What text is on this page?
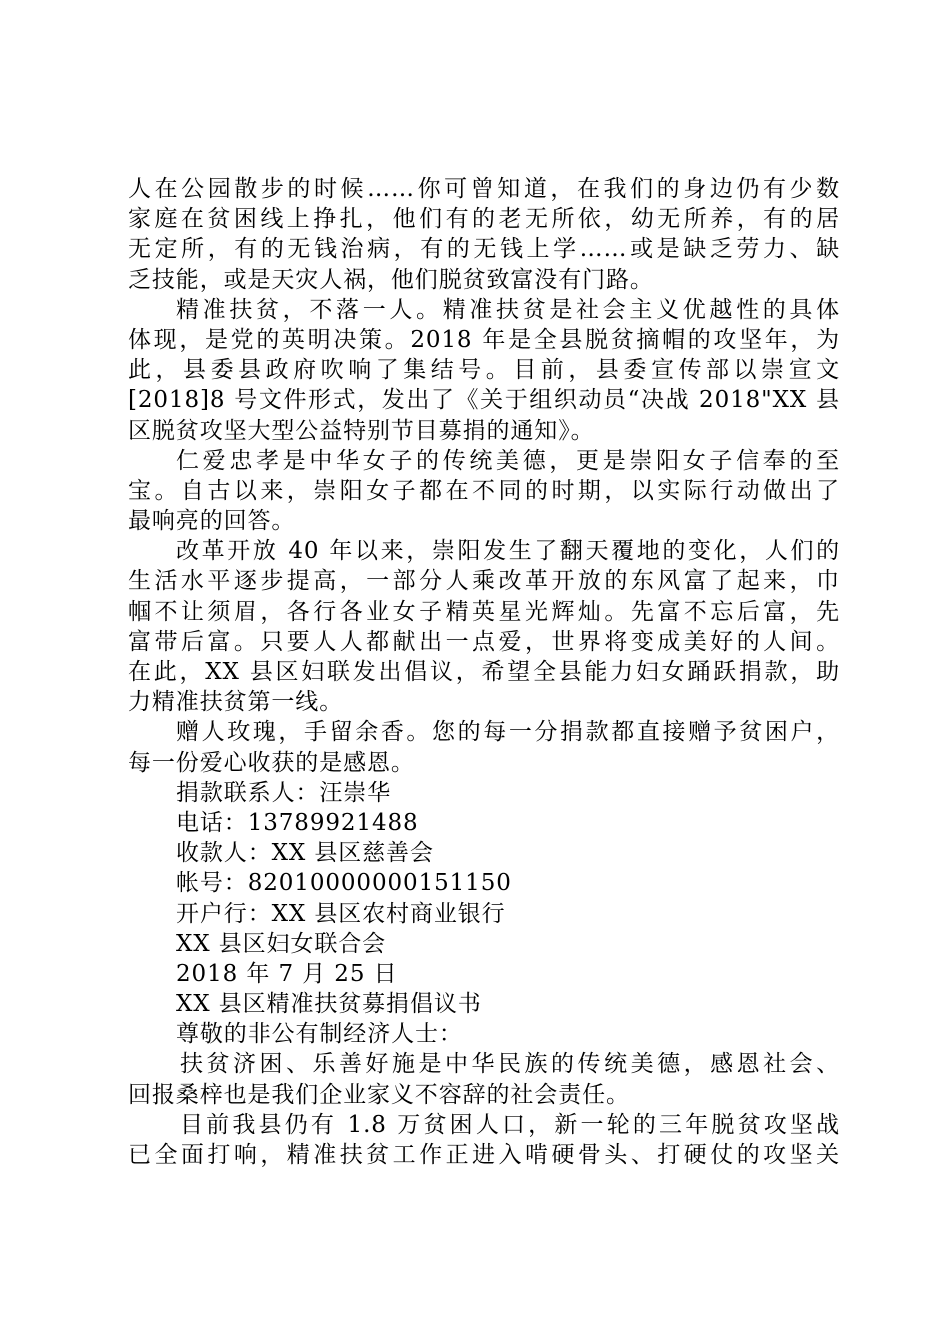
人在公园散步的时候……你可曾知道，在我们的身边仍有少数
家庭在贫困线上挣扎，他们有的老无所依，幼无所养，有的居
无定所，有的无钱治病，有的无钱上学……或是缺乏劳力、缺
乏技能，或是天灾人祸，他们脱贫致富没有门路。
精准扶贫，不落一人。精准扶贫是社会主义优越性的具体
体现，是党的英明决策。2018 年是全县脱贫摘帽的攻坚年，为
此，县委县政府吹响了集结号。目前，县委宣传部以崇宣文
[2018]8 号文件形式，发出了《关于组织动员“决战 2018"XX 县
区脱贫攻坚大型公益特别节目募捐的通知》。
仁爱忠孝是中华女子的传统美德，更是崇阳女子信奉的至
宝。自古以来，崇阳女子都在不同的时期，以实际行动做出了
最响亮的回答。
改革开放 40 年以来，崇阳发生了翻天覆地的变化，人们的
生活水平逐步提高，一部分人乘改革开放的东风富了起来，巾
帼不让须眉，各行各业女子精英星光辉灿。先富不忘后富，先
富带后富。只要人人都献出一点爱，世界将变成美好的人间。
在此，XX 县区妇联发出倡议，希望全县能力妇女踊跃捐款，助
力精准扶贫第一线。
赠人玫瑰，手留余香。您的每一分捐款都直接赠予贫困户，
每一份爱心收获的是感恩。
捐款联系人：汪崇华
电话：13789921488
收款人：XX 县区慈善会
帐号：82010000000151150
开户行：XX 县区农村商业银行
XX 县区妇女联合会
2018 年 7 月 25 日
XX 县区精准扶贫募捐倡议书
尊敬的非公有制经济人士：
扶贫济困、乐善好施是中华民族的传统美德，感恩社会、
回报桑梓也是我们企业家义不容辞的社会责任。
目前我县仍有 1.8 万贫困人口，新一轮的三年脱贫攻坚战
已全面打响，精准扶贫工作正进入啃硬骨头、打硬仗的攻坚关
